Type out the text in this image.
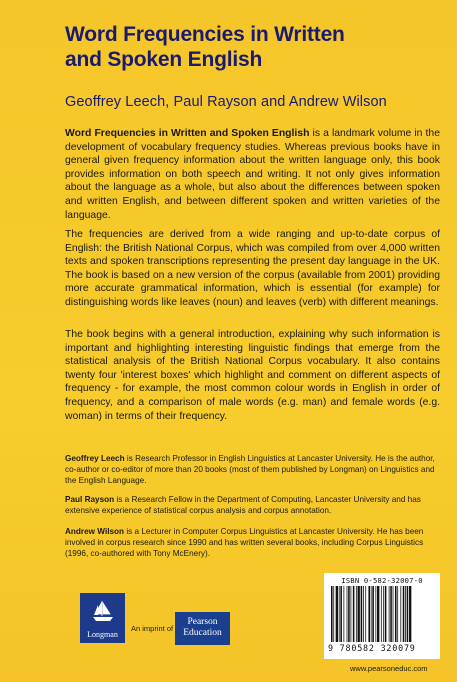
Word Frequencies in Written
and Spoken English
Geoffrey Leech, Paul Rayson and Andrew Wilson
Word Frequencies in Written and Spoken English is a landmark volume in the development of vocabulary frequency studies. Whereas previous books have in general given frequency information about the written language only, this book provides information on both speech and writing. It not only gives information about the language as a whole, but also about the differences between spoken and written English, and between different spoken and written varieties of the language.
The frequencies are derived from a wide ranging and up-to-date corpus of English: the British National Corpus, which was compiled from over 4,000 written texts and spoken transcriptions representing the present day language in the UK. The book is based on a new version of the corpus (available from 2001) providing more accurate grammatical information, which is essential (for example) for distinguishing words like leaves (noun) and leaves (verb) with different meanings.
The book begins with a general introduction, explaining why such information is important and highlighting interesting linguistic findings that emerge from the statistical analysis of the British National Corpus vocabulary. It also contains twenty four 'interest boxes' which highlight and comment on different aspects of frequency - for example, the most common colour words in English in order of frequency, and a comparison of male words (e.g. man) and female words (e.g. woman) in terms of their frequency.
Geoffrey Leech is Research Professor in English Linguistics at Lancaster University. He is the author, co-author or co-editor of more than 20 books (most of them published by Longman) on Linguistics and the English Language.
Paul Rayson is a Research Fellow in the Department of Computing, Lancaster University and has extensive experience of statistical corpus analysis and corpus annotation.
Andrew Wilson is a Lecturer in Computer Corpus Linguistics at Lancaster University. He has been involved in corpus research since 1990 and has written several books, including Corpus Linguistics (1996, co-authored with Tony McEnery).
Longman
An imprint of
Pearson
Education
ISBN 0-582-32007-0
9 780582 320079
www.pearsoneduc.com
